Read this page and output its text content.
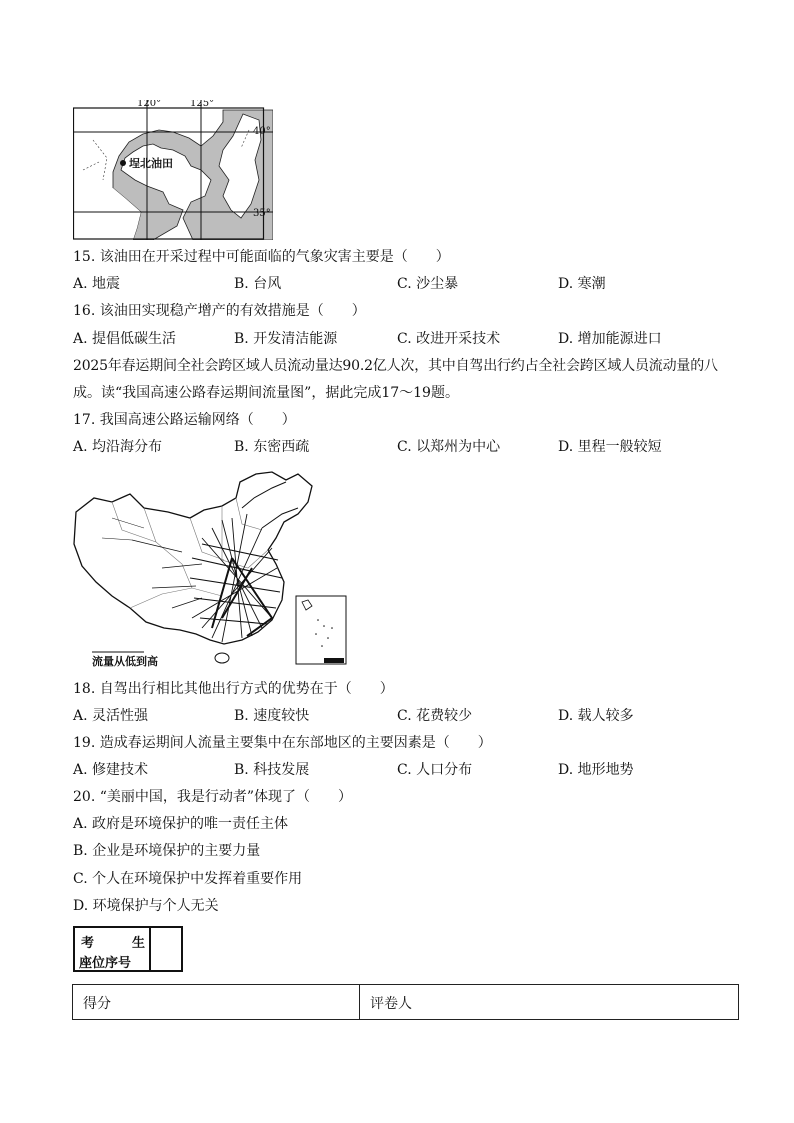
埕北油田
120°	125°
40°
35°
15. 该油田在开采过程中可能面临的气象灾害主要是（　　）
A. 地震	B. 台风	C. 沙尘暴	D. 寒潮
16. 该油田实现稳产增产的有效措施是（　　）
A. 提倡低碳生活	B. 开发清洁能源	C. 改进开采技术	D. 增加能源进口
2025年春运期间全社会跨区域人员流动量达90.2亿人次，其中自驾出行约占全社会跨区域人员流动量的八
成。读“我国高速公路春运期间流量图”，据此完成17～19题。
17. 我国高速公路运输网络（　　）
A. 均沿海分布	B. 东密西疏	C. 以郑州为中心	D. 里程一般较短
流量从低到高
18. 自驾出行相比其他出行方式的优势在于（　　）
A. 灵活性强	B. 速度较快	C. 花费较少	D. 载人较多
19. 造成春运期间人流量主要集中在东部地区的主要因素是（　　）
A. 修建技术	B. 科技发展	C. 人口分布	D. 地形地势
20. “美丽中国，我是行动者”体现了（　　）
A. 政府是环境保护的唯一责任主体
B. 企业是环境保护的主要力量
C. 个人在环境保护中发挥着重要作用
D. 环境保护与个人无关
考	生
座位序号
得分	评卷人
